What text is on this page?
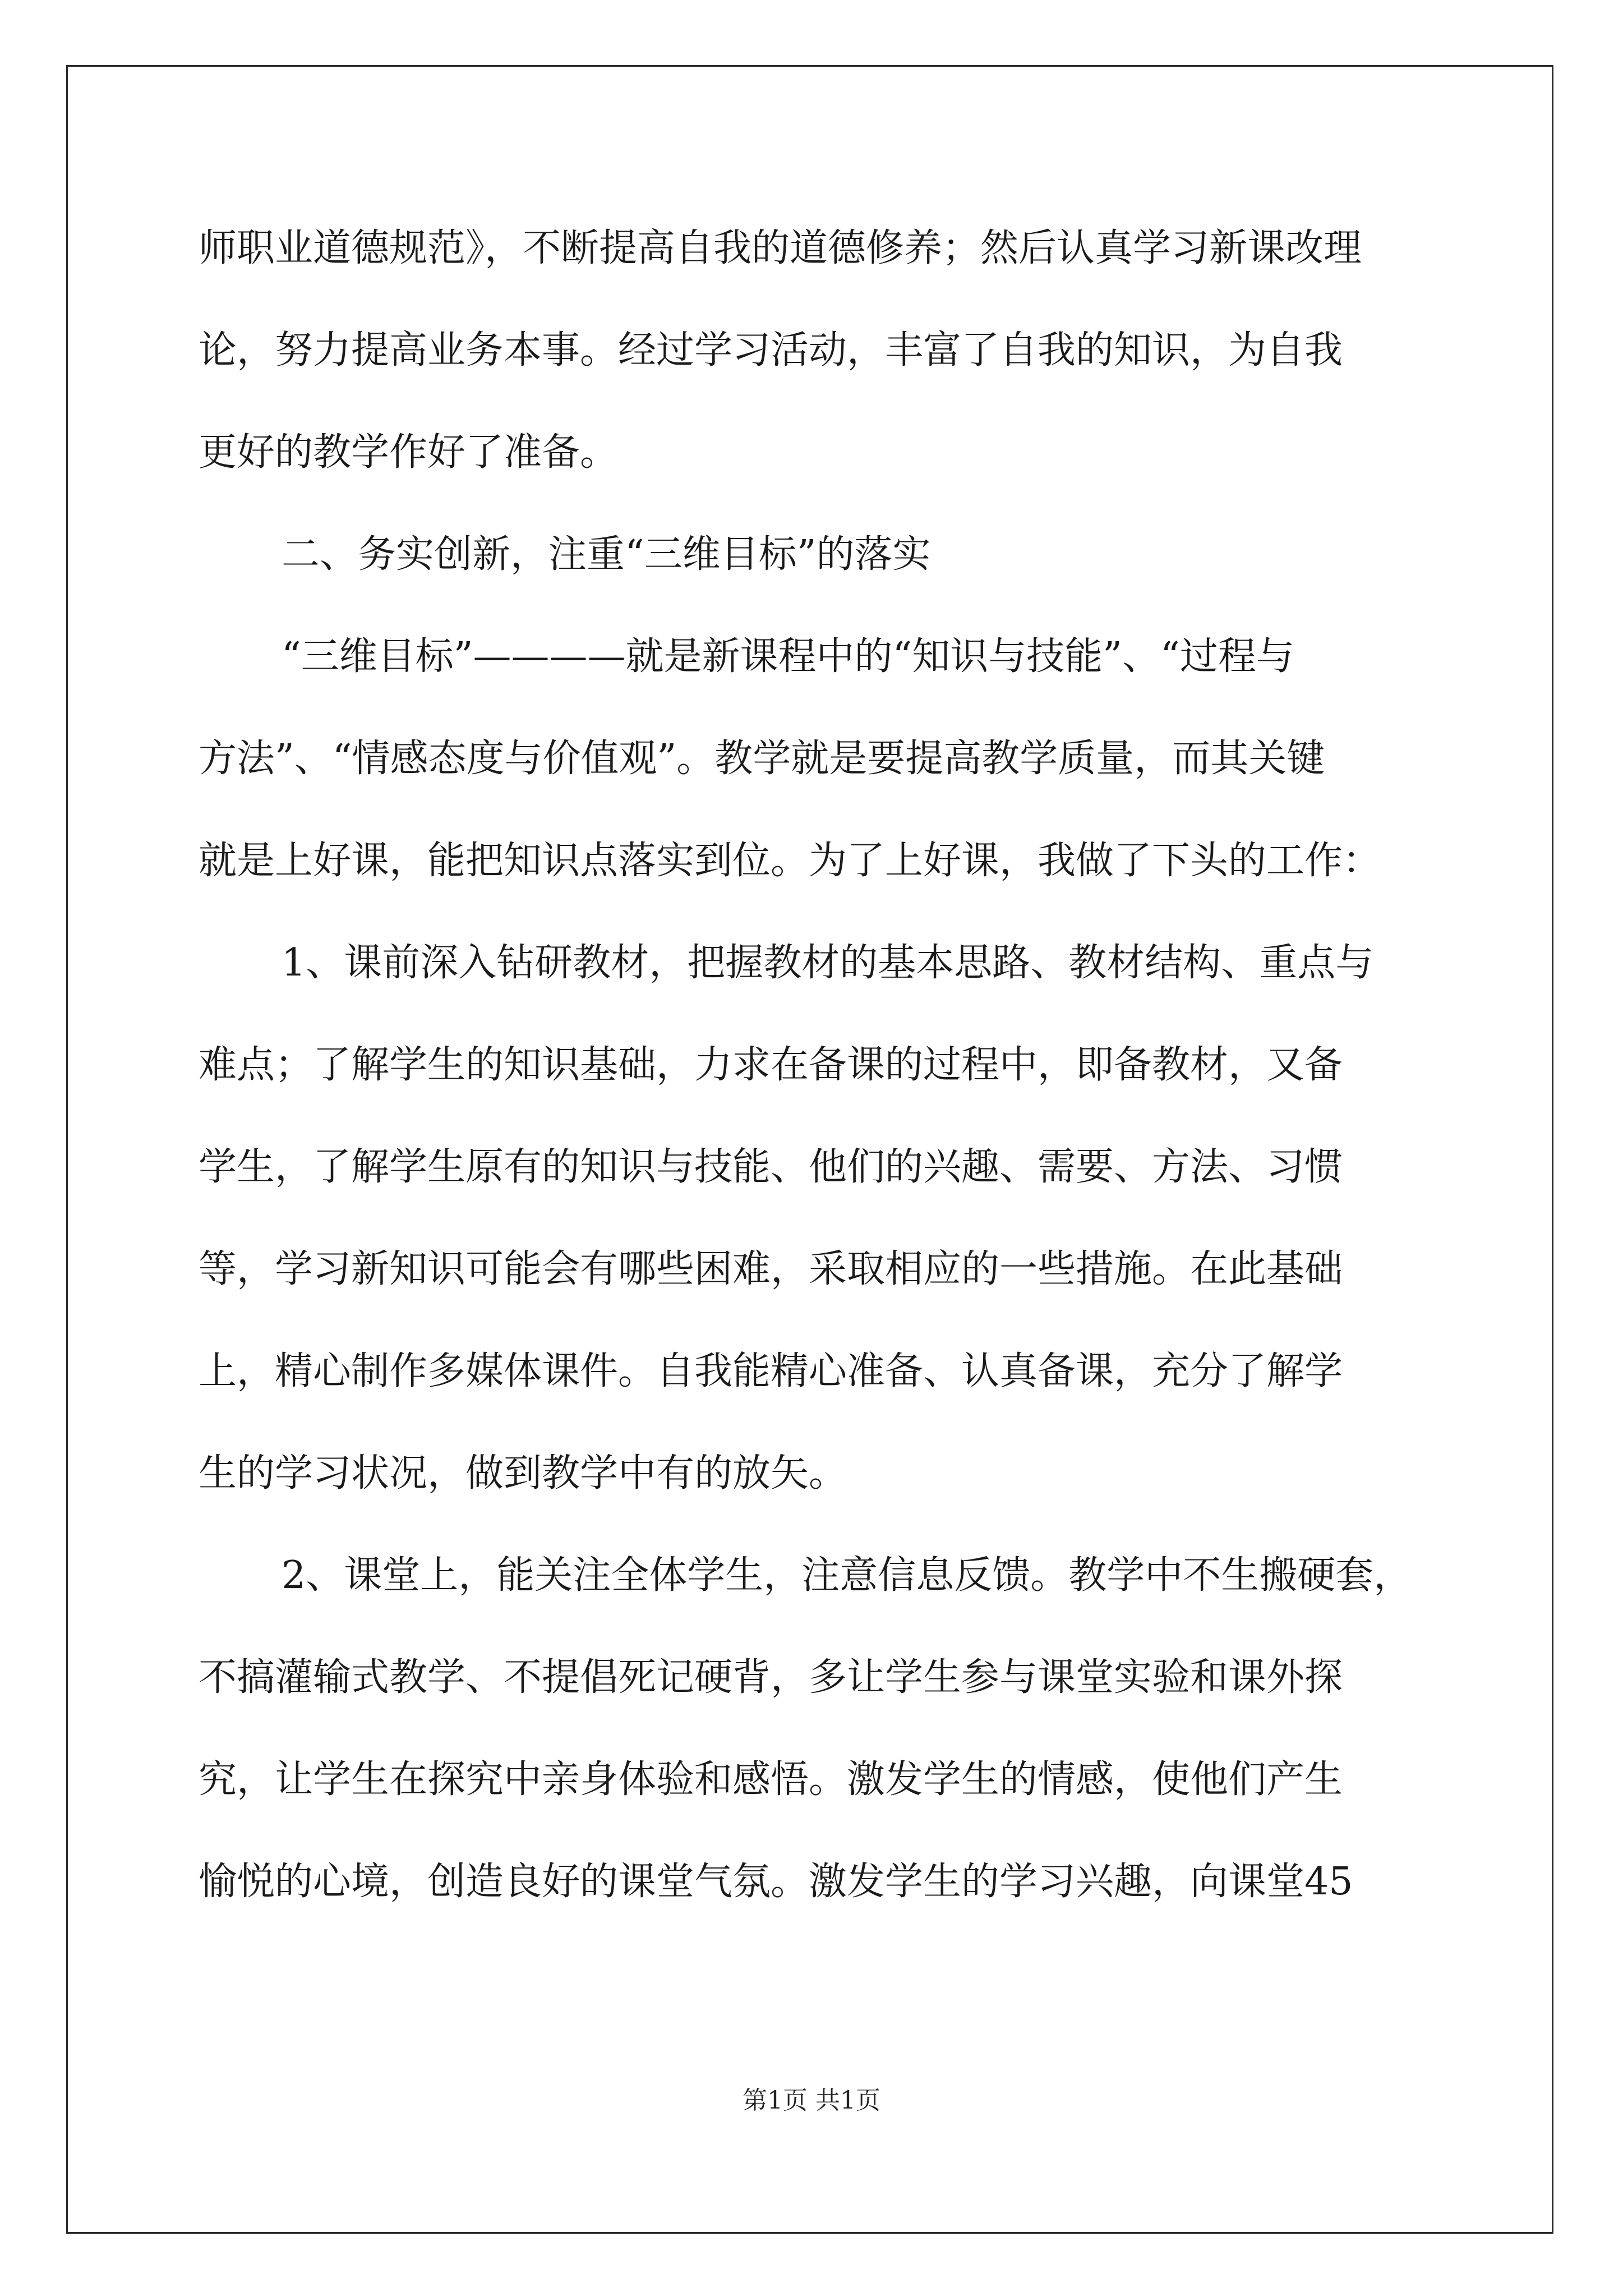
师职业道德规范》，不断提高自我的道德修养；然后认真学习新课改理
论，努力提高业务本事。经过学习活动，丰富了自我的知识，为自我
更好的教学作好了准备。
二、务实创新，注重“三维目标”的落实
“三维目标”————就是新课程中的“知识与技能”、“过程与
方法”、“情感态度与价值观”。教学就是要提高教学质量，而其关键
就是上好课，能把知识点落实到位。为了上好课，我做了下头的工作：
1、课前深入钻研教材，把握教材的基本思路、教材结构、重点与
难点；了解学生的知识基础，力求在备课的过程中，即备教材，又备
学生，了解学生原有的知识与技能、他们的兴趣、需要、方法、习惯
等，学习新知识可能会有哪些困难，采取相应的一些措施。在此基础
上，精心制作多媒体课件。自我能精心准备、认真备课，充分了解学
生的学习状况，做到教学中有的放矢。
2、课堂上，能关注全体学生，注意信息反馈。教学中不生搬硬套，
不搞灌输式教学、不提倡死记硬背，多让学生参与课堂实验和课外探
究，让学生在探究中亲身体验和感悟。激发学生的情感，使他们产生
愉悦的心境，创造良好的课堂气氛。激发学生的学习兴趣，向课堂45
第1页 共1页
